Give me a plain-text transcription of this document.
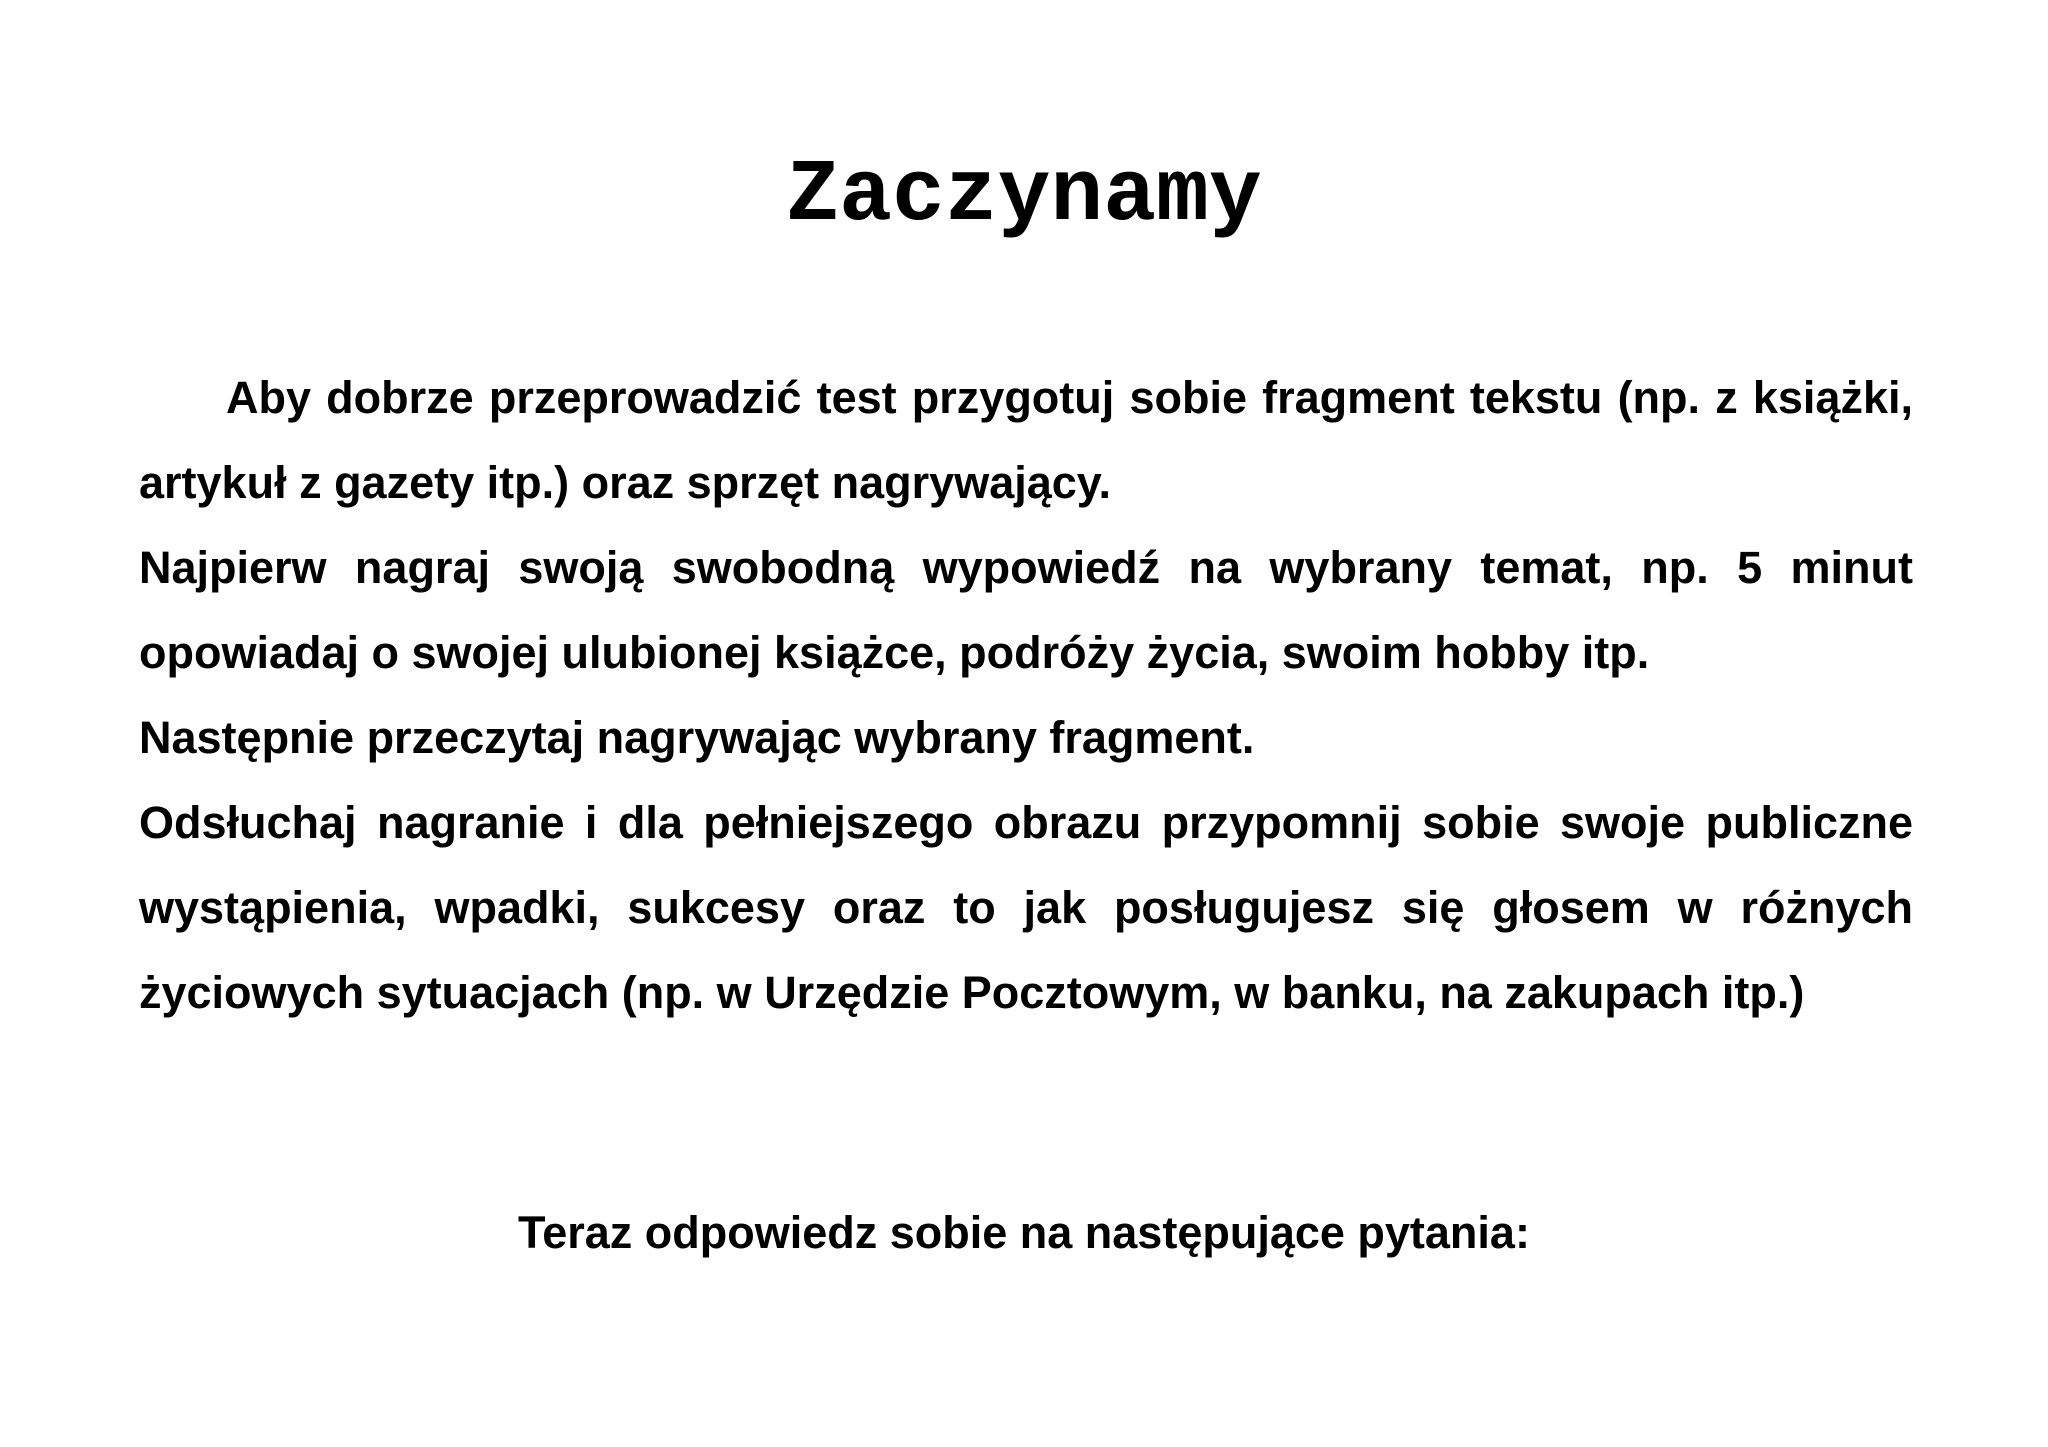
Zaczynamy

Aby dobrze przeprowadzić test przygotuj sobie fragment tekstu (np. z książki, artykuł z gazety itp.) oraz sprzęt nagrywający.

Najpierw nagraj swoją swobodną wypowiedź na wybrany temat, np. 5 minut opowiadaj o swojej ulubionej książce, podróży życia, swoim hobby itp.

Następnie przeczytaj nagrywając wybrany fragment.

Odsłuchaj nagranie i dla pełniejszego obrazu przypomnij sobie swoje publiczne wystąpienia, wpadki, sukcesy oraz to jak posługujesz się głosem w różnych życiowych sytuacjach (np. w Urzędzie Pocztowym, w banku, na zakupach itp.)

Teraz odpowiedz sobie na następujące pytania:
